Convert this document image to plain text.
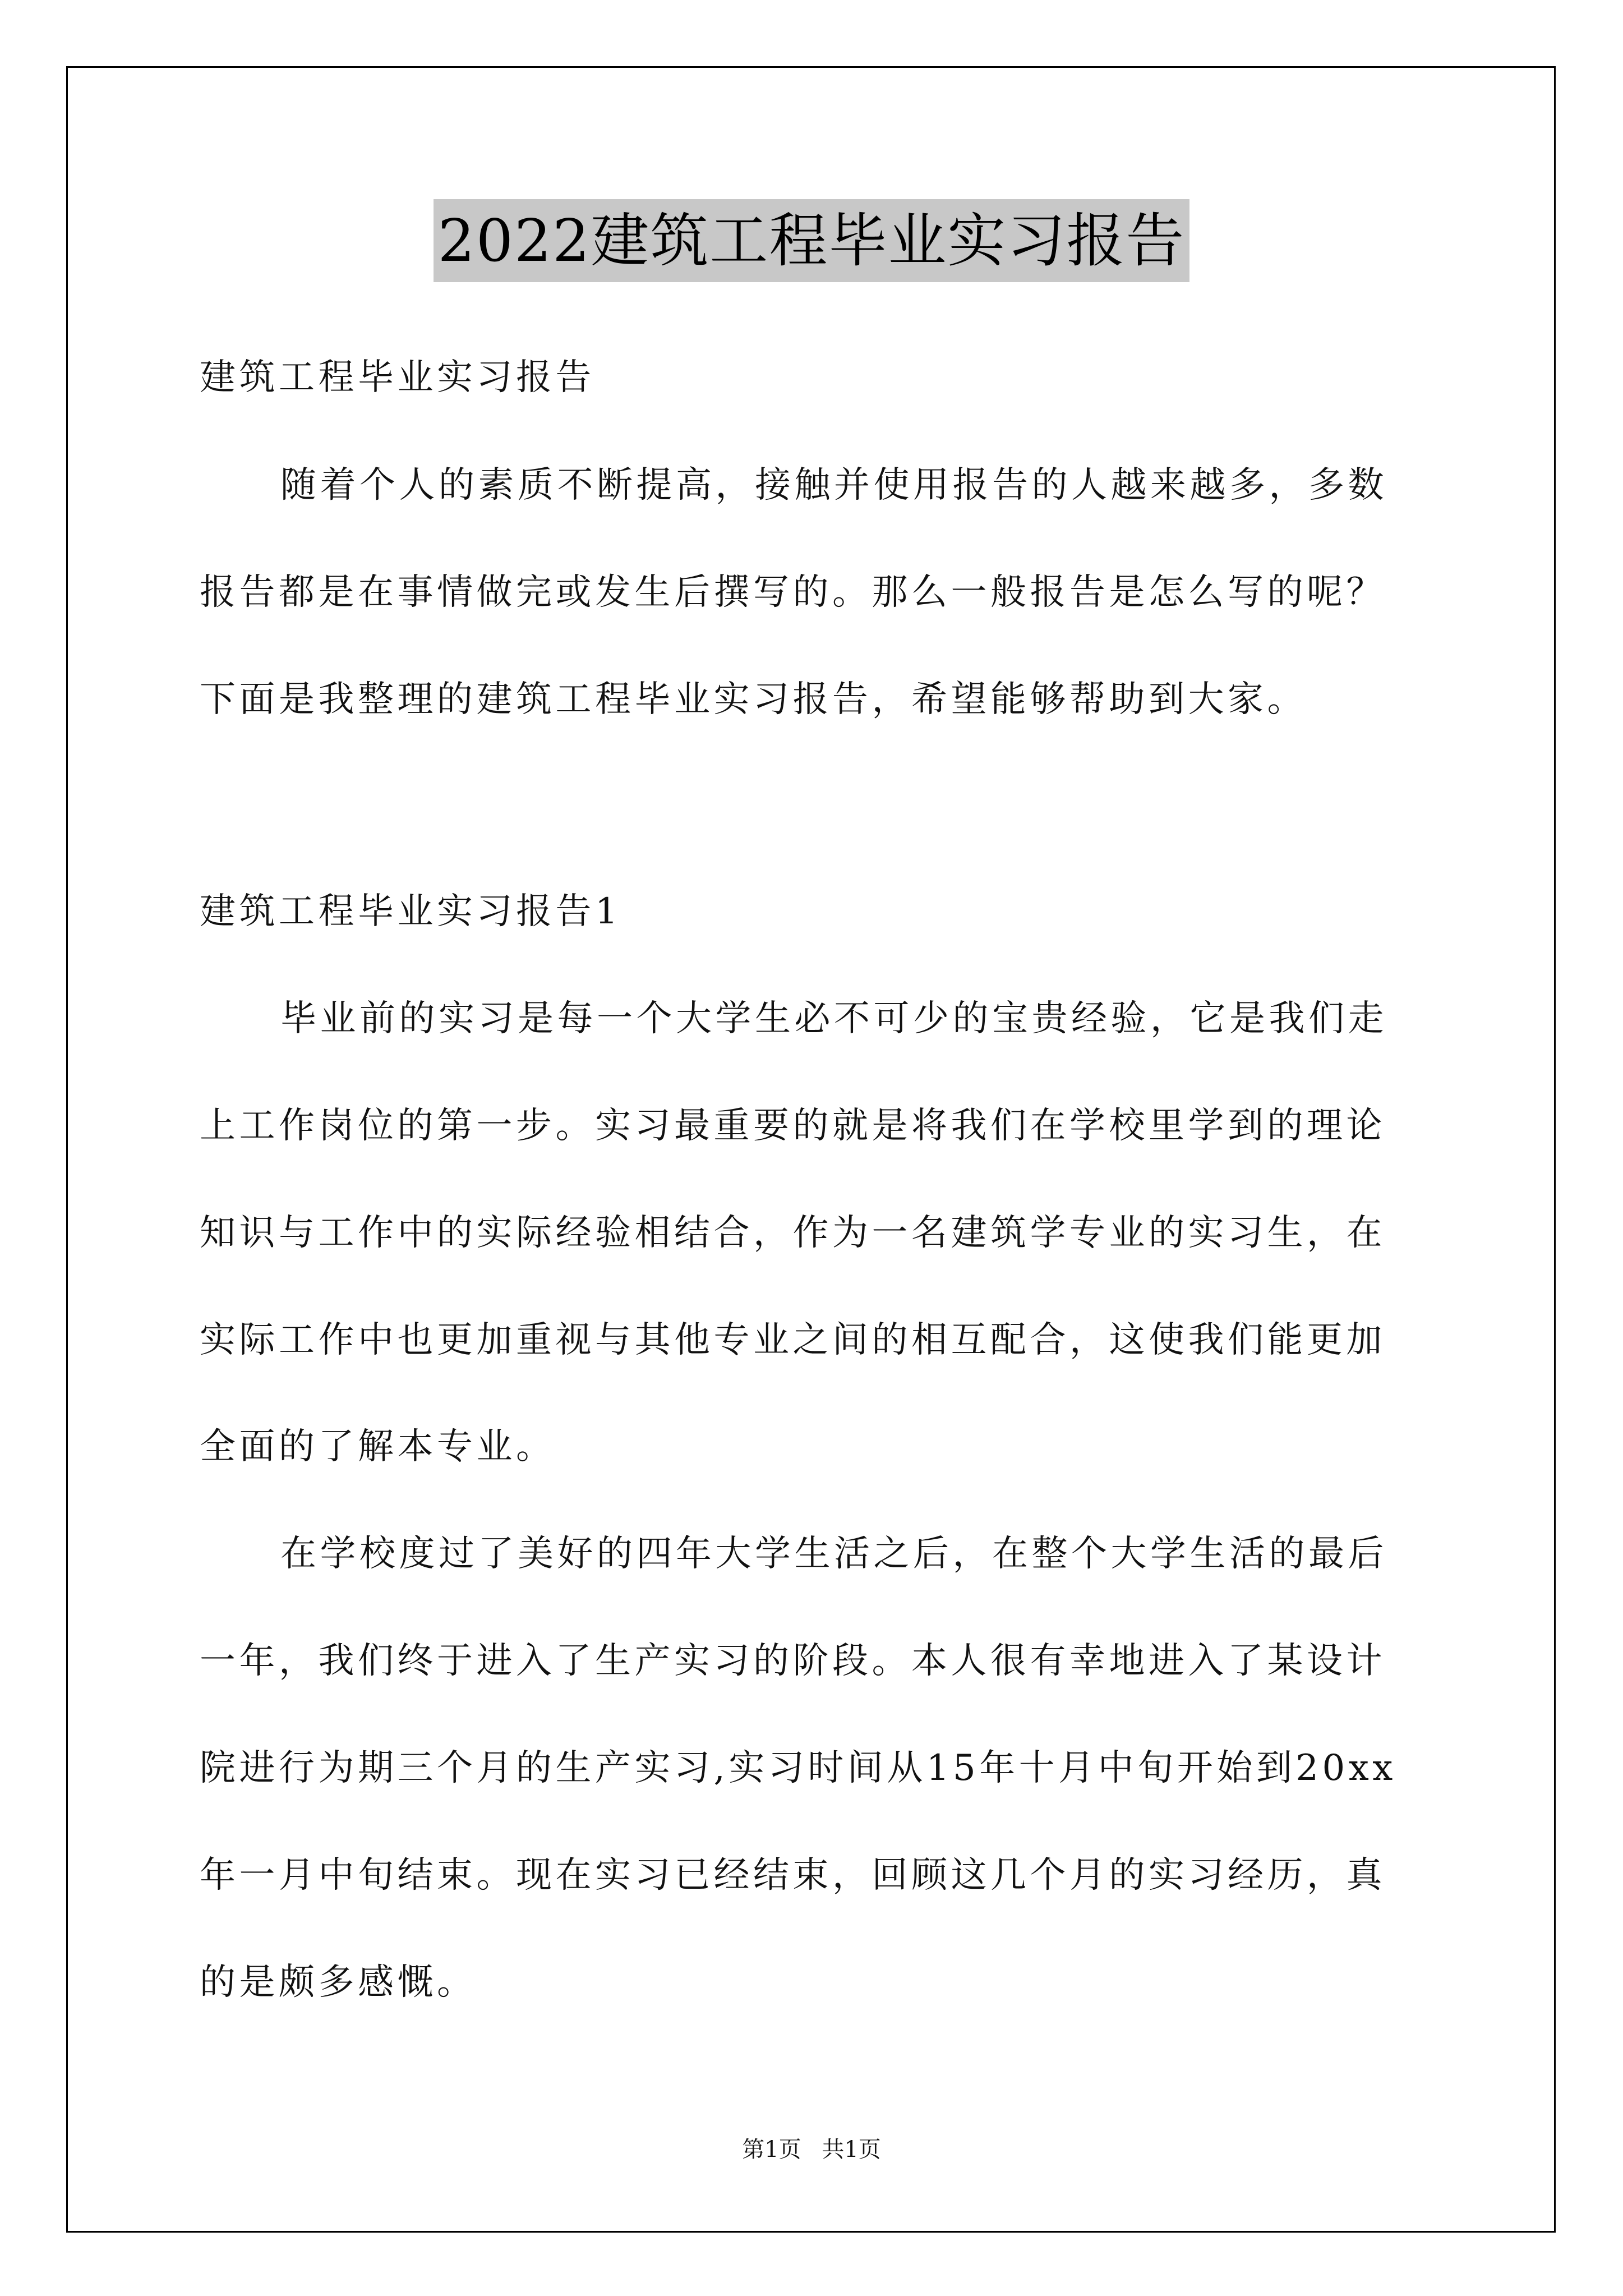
2022建筑工程毕业实习报告
建筑工程毕业实习报告
随着个人的素质不断提高，接触并使用报告的人越来越多，多数
报告都是在事情做完或发生后撰写的。那么一般报告是怎么写的呢？
下面是我整理的建筑工程毕业实习报告，希望能够帮助到大家。
建筑工程毕业实习报告1
毕业前的实习是每一个大学生必不可少的宝贵经验，它是我们走
上工作岗位的第一步。实习最重要的就是将我们在学校里学到的理论
知识与工作中的实际经验相结合，作为一名建筑学专业的实习生，在
实际工作中也更加重视与其他专业之间的相互配合，这使我们能更加
全面的了解本专业。
在学校度过了美好的四年大学生活之后，在整个大学生活的最后
一年，我们终于进入了生产实习的阶段。本人很有幸地进入了某设计
院进行为期三个月的生产实习,实习时间从15年十月中旬开始到20xx
年一月中旬结束。现在实习已经结束，回顾这几个月的实习经历，真
的是颇多感慨。
第1页 共1页
